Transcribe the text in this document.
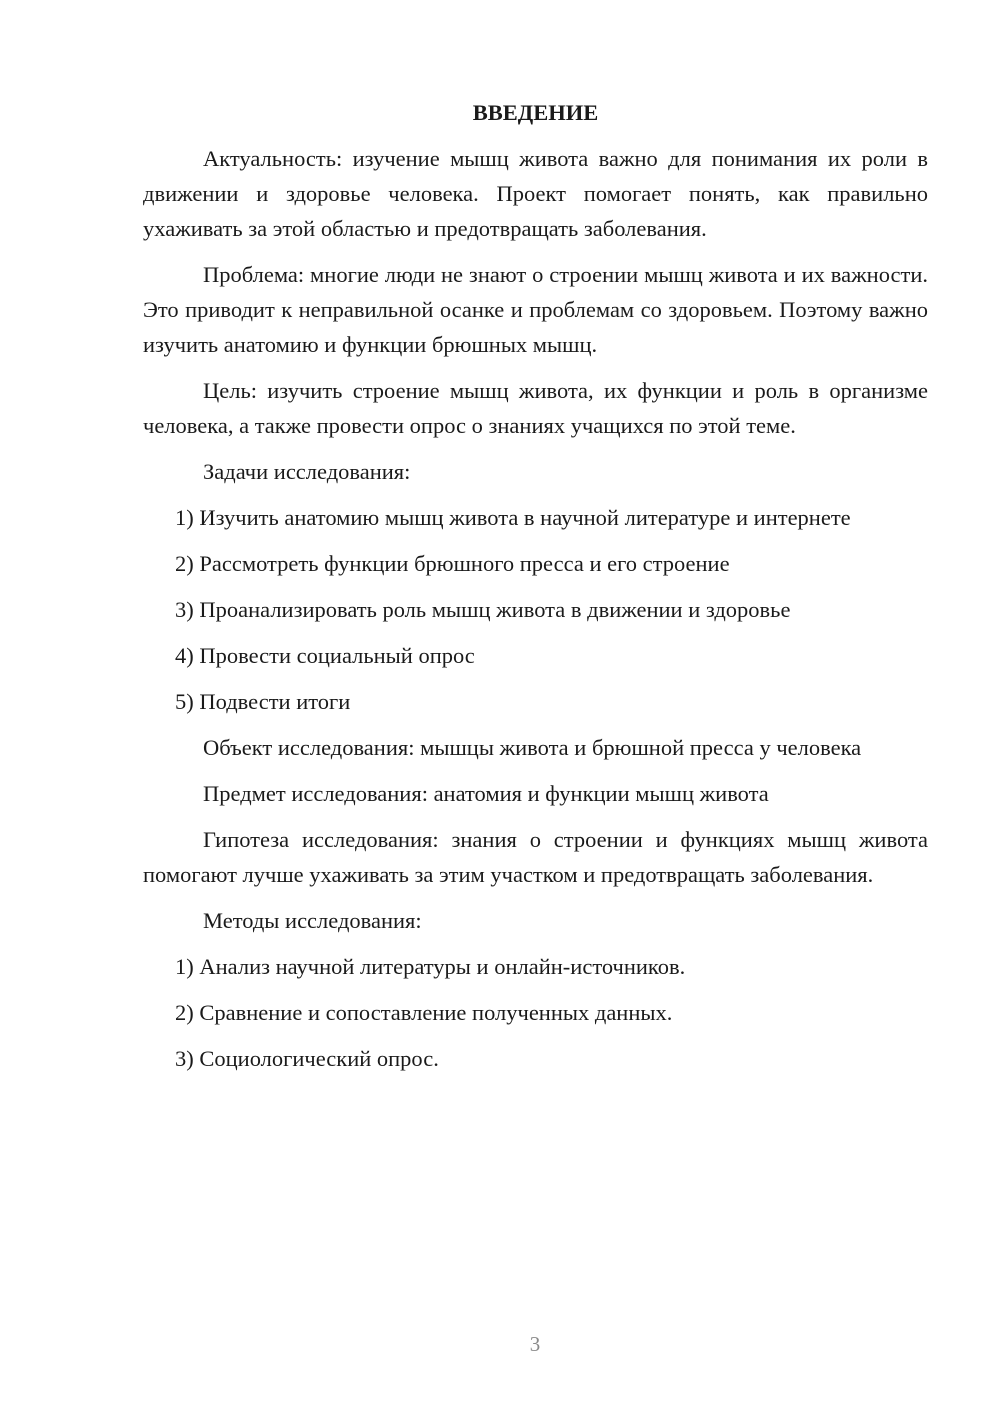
ВВЕДЕНИЕ
Актуальность: изучение мышц живота важно для понимания их роли в движении и здоровье человека. Проект помогает понять, как правильно ухаживать за этой областью и предотвращать заболевания.
Проблема: многие люди не знают о строении мышц живота и их важности. Это приводит к неправильной осанке и проблемам со здоровьем. Поэтому важно изучить анатомию и функции брюшных мышц.
Цель: изучить строение мышц живота, их функции и роль в организме человека, а также провести опрос о знаниях учащихся по этой теме.
Задачи исследования:
1) Изучить анатомию мышц живота в научной литературе и интернете
2) Рассмотреть функции брюшного пресса и его строение
3) Проанализировать роль мышц живота в движении и здоровье
4) Провести социальный опрос
5) Подвести итоги
Объект исследования: мышцы живота и брюшной пресса у человека
Предмет исследования: анатомия и функции мышц живота
Гипотеза исследования: знания о строении и функциях мышц живота помогают лучше ухаживать за этим участком и предотвращать заболевания.
Методы исследования:
1) Анализ научной литературы и онлайн-источников.
2) Сравнение и сопоставление полученных данных.
3) Социологический опрос.
3
